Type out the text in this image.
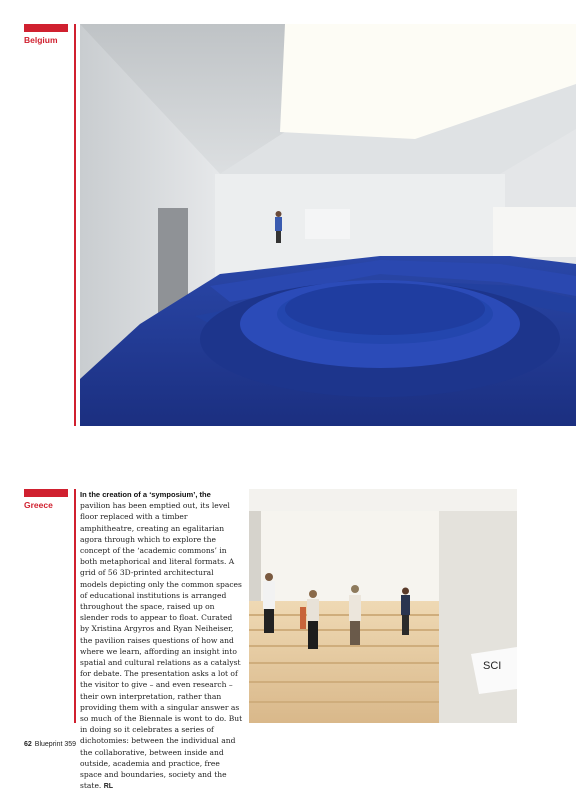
Belgium
Greece
In the creation of a ‘symposium’, the pavilion has been emptied out, its level floor replaced with a timber amphitheatre, creating an egalitarian agora through which to explore the concept of the ‘academic commons’ in both metaphorical and literal formats. A grid of 56 3D-printed architectural models depicting only the common spaces of educational institutions is arranged throughout the space, raised up on slender rods to appear to float. Curated by Xristina Argyros and Ryan Neiheiser, the pavilion raises questions of how and where we learn, affording an insight into spatial and cultural relations as a catalyst for debate. The presentation asks a lot of the visitor to give – and even research – their own interpretation, rather than providing them with a singular answer as so much of the Biennale is wont to do. But in doing so it celebrates a series of dichotomies: between the individual and the collaborative, between inside and outside, academia and practice, free space and boundaries, society and the state. RL
SCI
62 Blueprint 359
